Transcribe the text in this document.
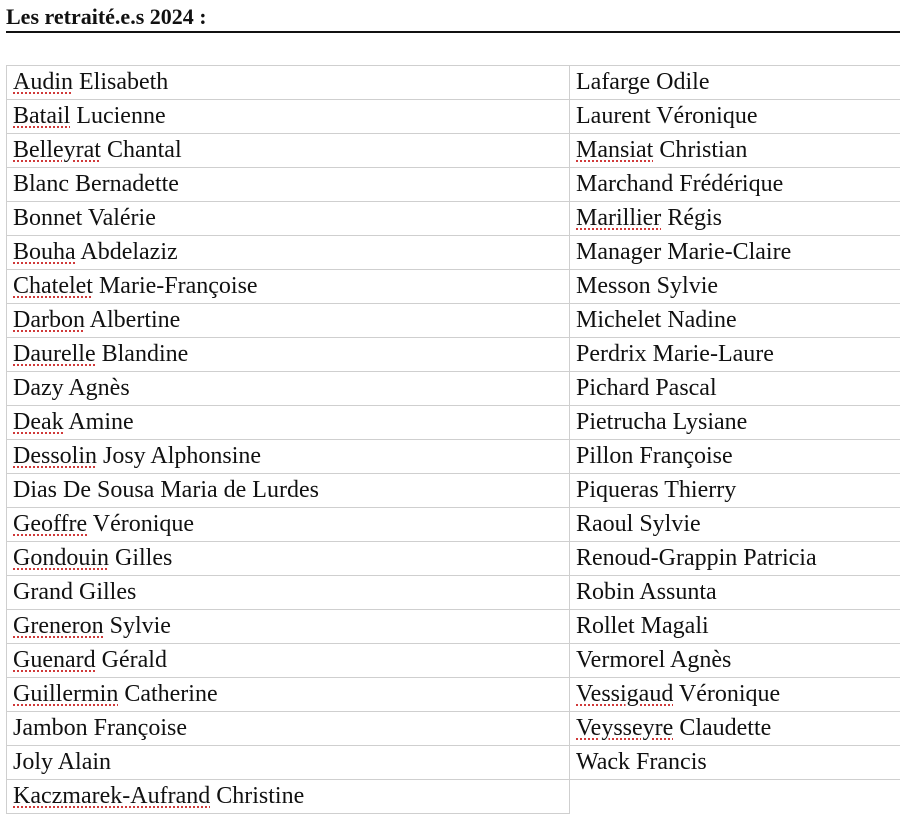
Les retraité.e.s 2024 :
Audin Elisabeth	Lafarge Odile
Batail Lucienne	Laurent Véronique
Belleyrat Chantal	Mansiat Christian
Blanc Bernadette	Marchand Frédérique
Bonnet Valérie	Marillier Régis
Bouha Abdelaziz	Manager Marie-Claire
Chatelet Marie-Françoise	Messon Sylvie
Darbon Albertine	Michelet Nadine
Daurelle Blandine	Perdrix Marie-Laure
Dazy Agnès	Pichard Pascal
Deak Amine	Pietrucha Lysiane
Dessolin Josy Alphonsine	Pillon Françoise
Dias De Sousa Maria de Lurdes	Piqueras Thierry
Geoffre Véronique	Raoul Sylvie
Gondouin Gilles	Renoud-Grappin Patricia
Grand Gilles	Robin Assunta
Greneron Sylvie	Rollet Magali
Guenard Gérald	Vermorel Agnès
Guillermin Catherine	Vessigaud Véronique
Jambon Françoise	Veysseyre Claudette
Joly Alain	Wack Francis
Kaczmarek-Aufrand Christine	
